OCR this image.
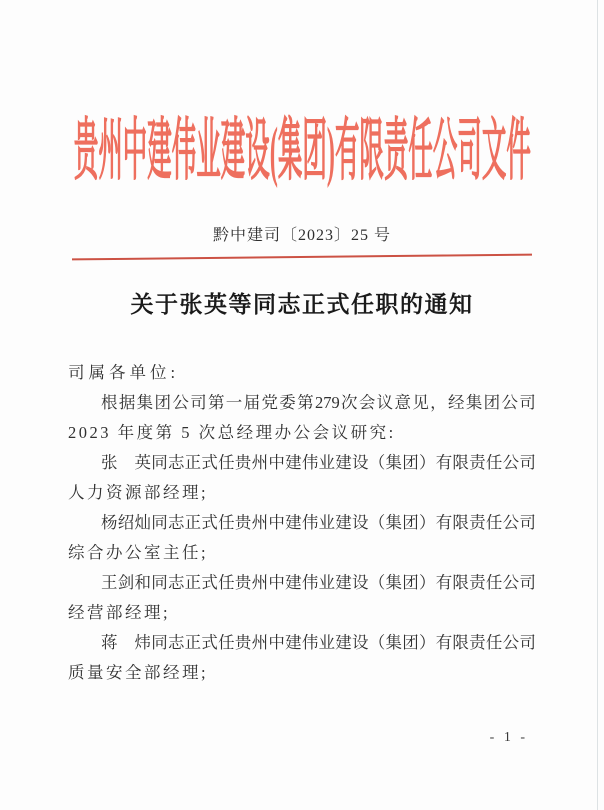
贵州中建伟业建设(集团)有限责任公司文件
黔中建司〔2023〕25 号
关于张英等同志正式任职的通知
司属各单位:
根 据 集 团 公 司 第 一 届 党 委 第 279 次 会 议 意 见 ， 经 集 团 公 司
2023 年度第 5 次总经理办公会议研究:
张
　 英 同 志 正 式 任 贵 州 中 建 伟 业 建 设 （ 集 团 ） 有 限 责 任 公 司
人力资源部经理;
杨 绍 灿 同 志 正 式 任 贵 州 中 建 伟 业 建 设 （ 集 团 ） 有 限 责 任 公 司
综合办公室主任;
王 剑 和 同 志 正 式 任 贵 州 中 建 伟 业 建 设 （ 集 团 ） 有 限 责 任 公 司
经营部经理;
蒋
　 炜 同 志 正 式 任 贵 州 中 建 伟 业 建 设 （ 集 团 ） 有 限 责 任 公 司
质量安全部经理;
- 1 -
